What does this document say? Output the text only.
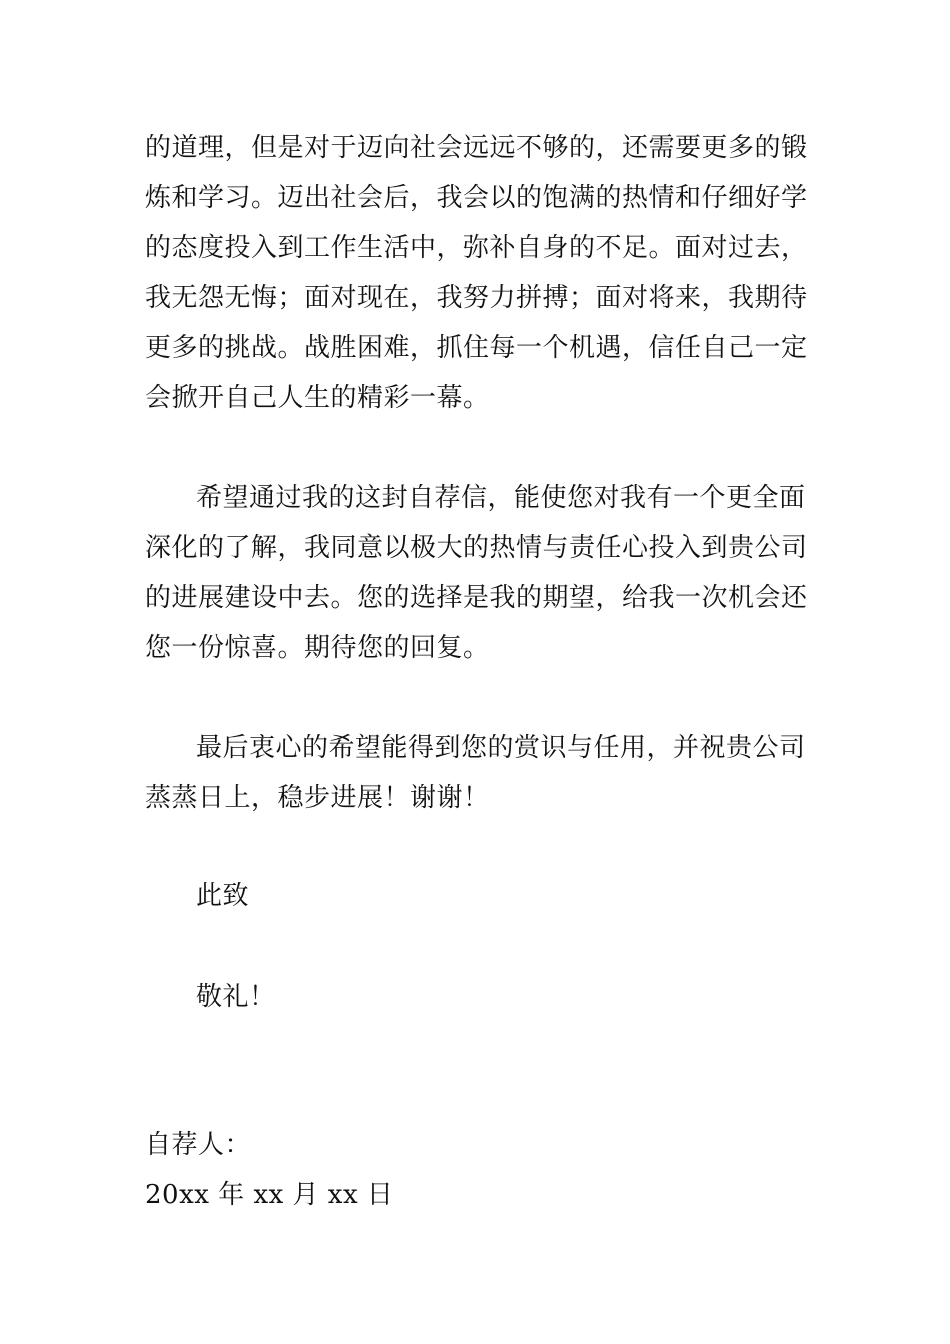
的道理，但是对于迈向社会远远不够的，还需要更多的锻
炼和学习。迈出社会后，我会以的饱满的热情和仔细好学
的态度投入到工作生活中，弥补自身的不足。面对过去，
我无怨无悔；面对现在，我努力拼搏；面对将来，我期待
更多的挑战。战胜困难，抓住每一个机遇，信任自己一定
会掀开自己人生的精彩一幕。
希望通过我的这封自荐信，能使您对我有一个更全面
深化的了解，我同意以极大的热情与责任心投入到贵公司
的进展建设中去。您的选择是我的期望，给我一次机会还
您一份惊喜。期待您的回复。
最后衷心的希望能得到您的赏识与任用，并祝贵公司
蒸蒸日上，稳步进展！谢谢！
此致
敬礼！
自荐人：
20xx 年 xx 月 xx 日
